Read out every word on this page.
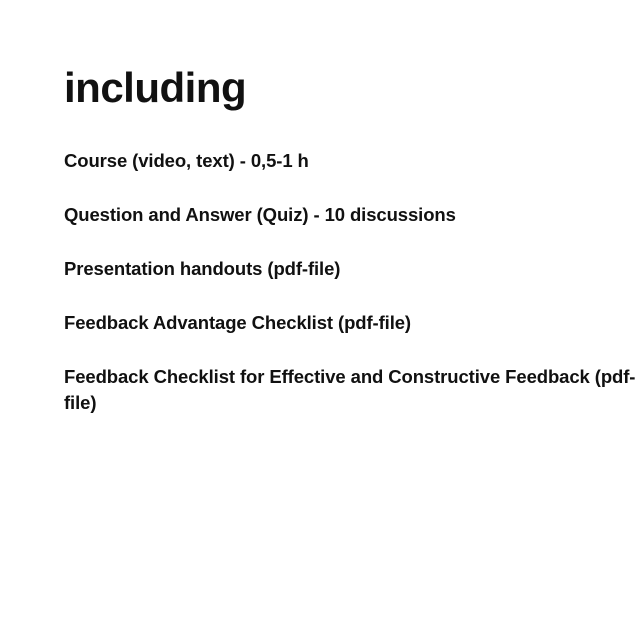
including
Course (video, text) - 0,5-1 h
Question and Answer (Quiz) - 10 discussions
Presentation handouts (pdf-file)
Feedback Advantage Checklist (pdf-file)
Feedback Checklist for Effective and Constructive Feedback (pdf-file)
